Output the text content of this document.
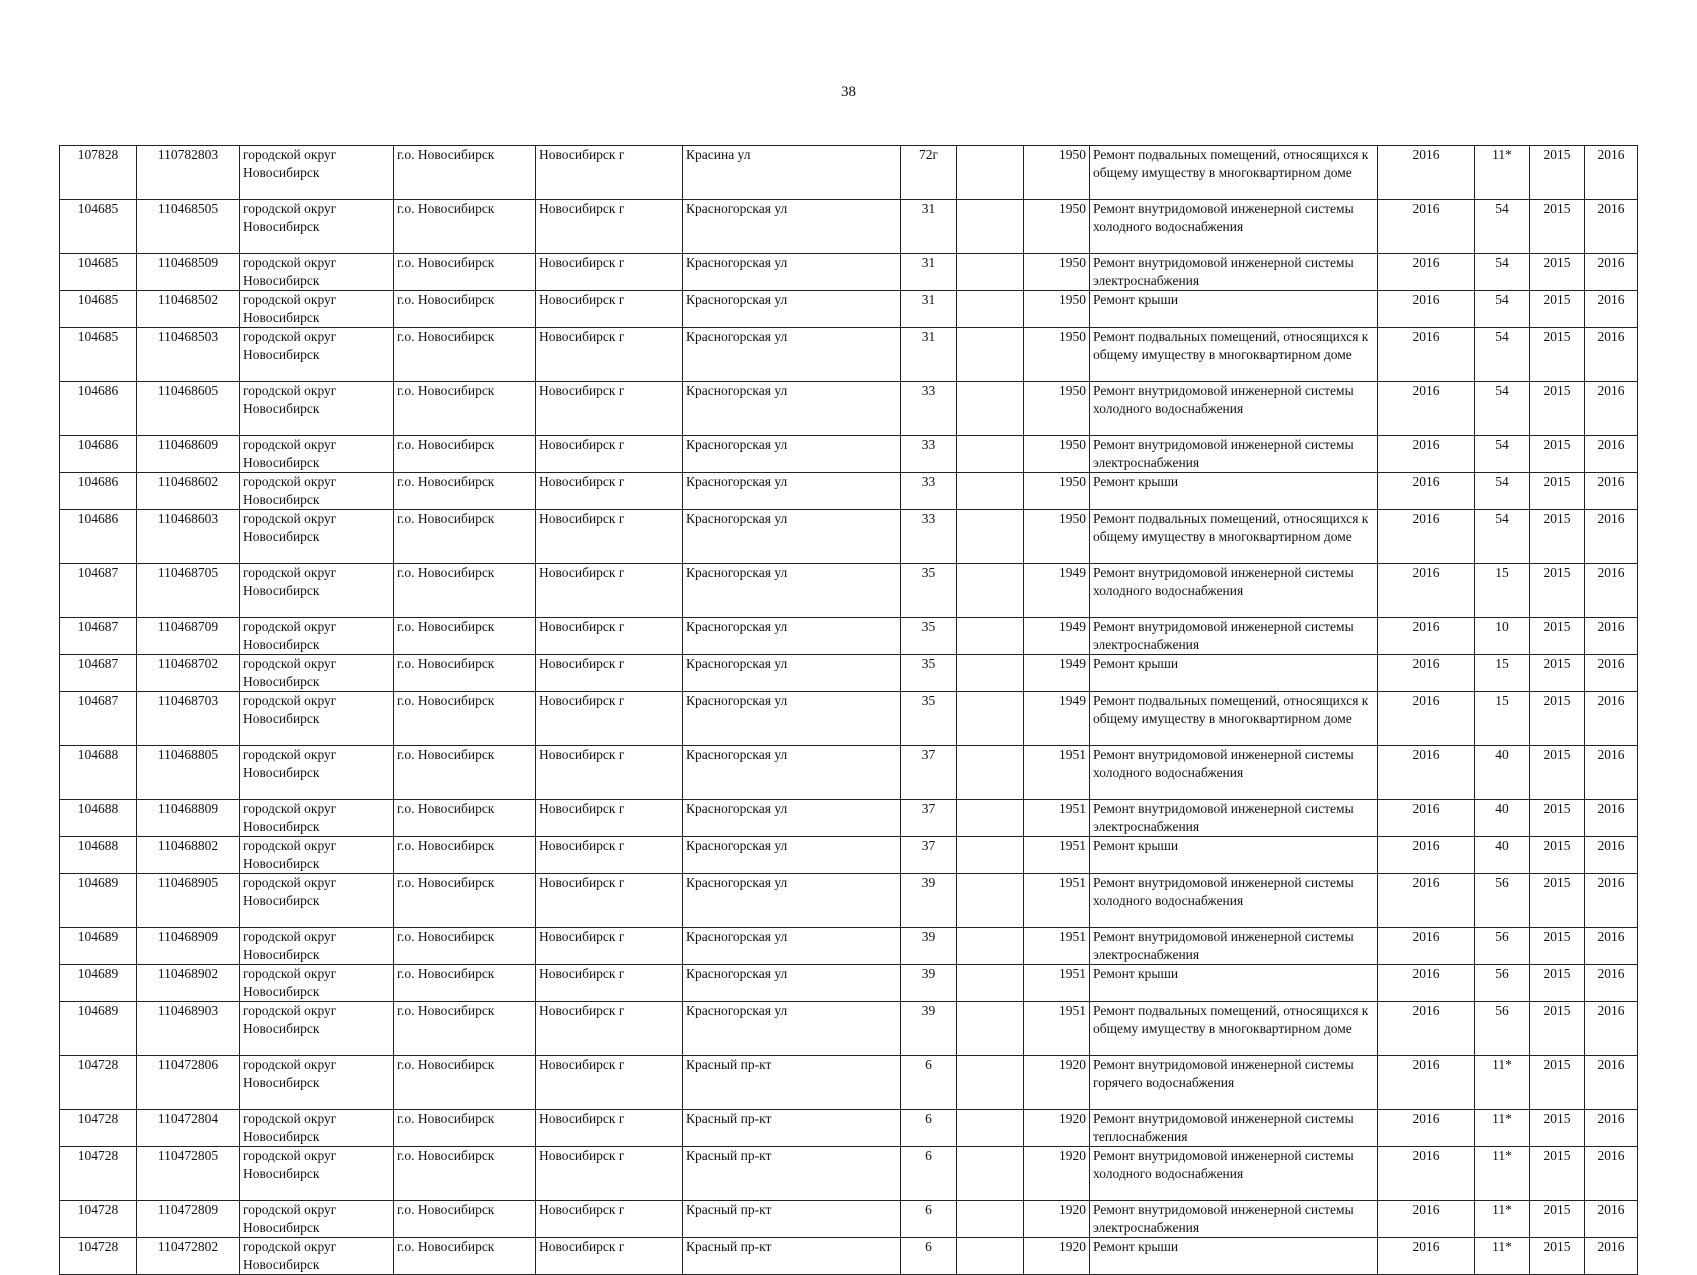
38
107828	110782803	городской округ Новосибирск	г.о. Новосибирск	Новосибирск г	Красина ул	72г		1950	Ремонт подвальных помещений, относящихся к общему имуществу в многоквартирном доме	2016	11*	2015	2016
104685	110468505	городской округ Новосибирск	г.о. Новосибирск	Новосибирск г	Красногорская ул	31		1950	Ремонт внутридомовой инженерной системы холодного водоснабжения	2016	54	2015	2016
104685	110468509	городской округ Новосибирск	г.о. Новосибирск	Новосибирск г	Красногорская ул	31		1950	Ремонт внутридомовой инженерной системы электроснабжения	2016	54	2015	2016
104685	110468502	городской округ Новосибирск	г.о. Новосибирск	Новосибирск г	Красногорская ул	31		1950	Ремонт крыши	2016	54	2015	2016
104685	110468503	городской округ Новосибирск	г.о. Новосибирск	Новосибирск г	Красногорская ул	31		1950	Ремонт подвальных помещений, относящихся к общему имуществу в многоквартирном доме	2016	54	2015	2016
104686	110468605	городской округ Новосибирск	г.о. Новосибирск	Новосибирск г	Красногорская ул	33		1950	Ремонт внутридомовой инженерной системы холодного водоснабжения	2016	54	2015	2016
104686	110468609	городской округ Новосибирск	г.о. Новосибирск	Новосибирск г	Красногорская ул	33		1950	Ремонт внутридомовой инженерной системы электроснабжения	2016	54	2015	2016
104686	110468602	городской округ Новосибирск	г.о. Новосибирск	Новосибирск г	Красногорская ул	33		1950	Ремонт крыши	2016	54	2015	2016
104686	110468603	городской округ Новосибирск	г.о. Новосибирск	Новосибирск г	Красногорская ул	33		1950	Ремонт подвальных помещений, относящихся к общему имуществу в многоквартирном доме	2016	54	2015	2016
104687	110468705	городской округ Новосибирск	г.о. Новосибирск	Новосибирск г	Красногорская ул	35		1949	Ремонт внутридомовой инженерной системы холодного водоснабжения	2016	15	2015	2016
104687	110468709	городской округ Новосибирск	г.о. Новосибирск	Новосибирск г	Красногорская ул	35		1949	Ремонт внутридомовой инженерной системы электроснабжения	2016	10	2015	2016
104687	110468702	городской округ Новосибирск	г.о. Новосибирск	Новосибирск г	Красногорская ул	35		1949	Ремонт крыши	2016	15	2015	2016
104687	110468703	городской округ Новосибирск	г.о. Новосибирск	Новосибирск г	Красногорская ул	35		1949	Ремонт подвальных помещений, относящихся к общему имуществу в многоквартирном доме	2016	15	2015	2016
104688	110468805	городской округ Новосибирск	г.о. Новосибирск	Новосибирск г	Красногорская ул	37		1951	Ремонт внутридомовой инженерной системы холодного водоснабжения	2016	40	2015	2016
104688	110468809	городской округ Новосибирск	г.о. Новосибирск	Новосибирск г	Красногорская ул	37		1951	Ремонт внутридомовой инженерной системы электроснабжения	2016	40	2015	2016
104688	110468802	городской округ Новосибирск	г.о. Новосибирск	Новосибирск г	Красногорская ул	37		1951	Ремонт крыши	2016	40	2015	2016
104689	110468905	городской округ Новосибирск	г.о. Новосибирск	Новосибирск г	Красногорская ул	39		1951	Ремонт внутридомовой инженерной системы холодного водоснабжения	2016	56	2015	2016
104689	110468909	городской округ Новосибирск	г.о. Новосибирск	Новосибирск г	Красногорская ул	39		1951	Ремонт внутридомовой инженерной системы электроснабжения	2016	56	2015	2016
104689	110468902	городской округ Новосибирск	г.о. Новосибирск	Новосибирск г	Красногорская ул	39		1951	Ремонт крыши	2016	56	2015	2016
104689	110468903	городской округ Новосибирск	г.о. Новосибирск	Новосибирск г	Красногорская ул	39		1951	Ремонт подвальных помещений, относящихся к общему имуществу в многоквартирном доме	2016	56	2015	2016
104728	110472806	городской округ Новосибирск	г.о. Новосибирск	Новосибирск г	Красный пр-кт	6		1920	Ремонт внутридомовой инженерной системы горячего водоснабжения	2016	11*	2015	2016
104728	110472804	городской округ Новосибирск	г.о. Новосибирск	Новосибирск г	Красный пр-кт	6		1920	Ремонт внутридомовой инженерной системы теплоснабжения	2016	11*	2015	2016
104728	110472805	городской округ Новосибирск	г.о. Новосибирск	Новосибирск г	Красный пр-кт	6		1920	Ремонт внутридомовой инженерной системы холодного водоснабжения	2016	11*	2015	2016
104728	110472809	городской округ Новосибирск	г.о. Новосибирск	Новосибирск г	Красный пр-кт	6		1920	Ремонт внутридомовой инженерной системы электроснабжения	2016	11*	2015	2016
104728	110472802	городской округ Новосибирск	г.о. Новосибирск	Новосибирск г	Красный пр-кт	6		1920	Ремонт крыши	2016	11*	2015	2016
